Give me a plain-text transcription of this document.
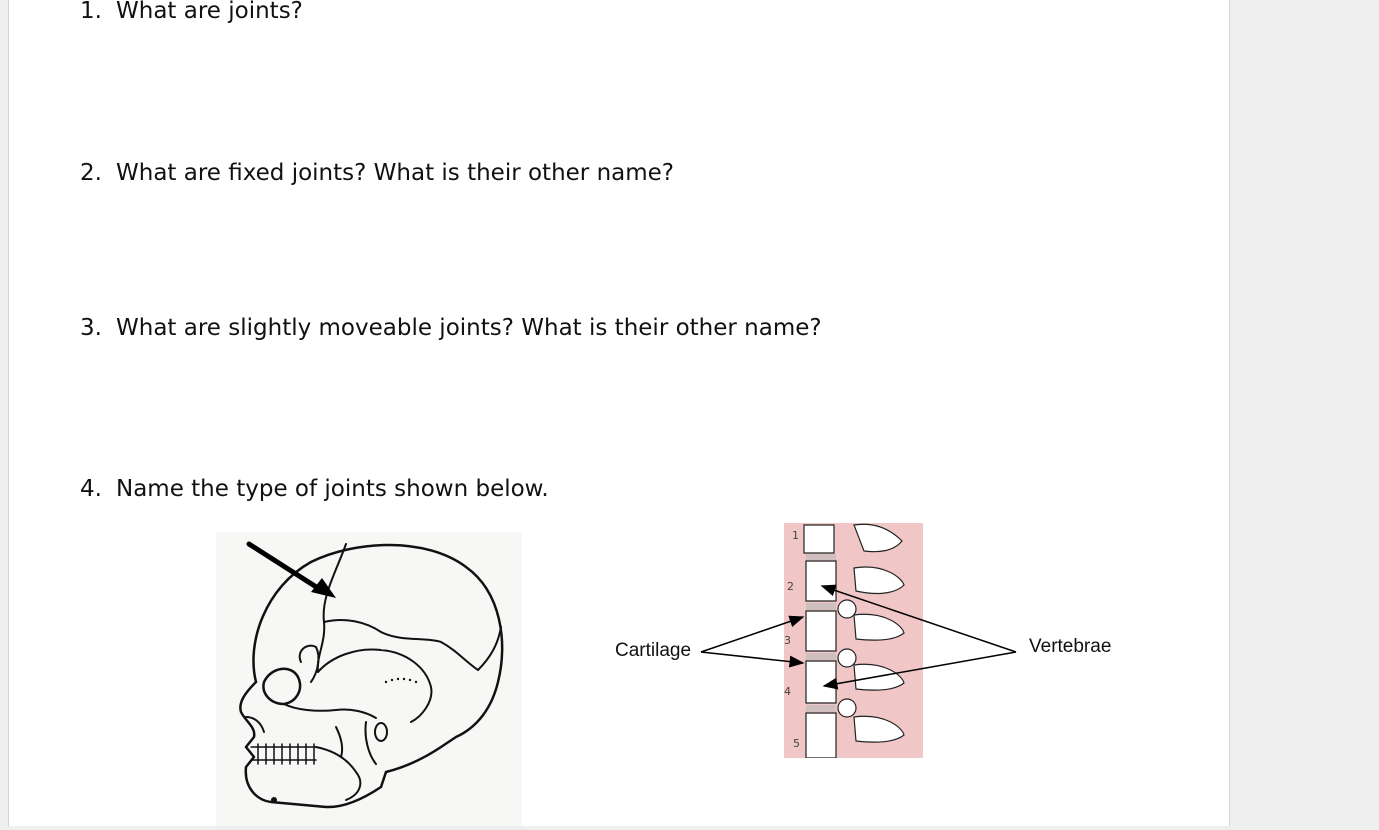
1. What are joints?
2. What are fixed joints? What is their other name?
3. What are slightly moveable joints? What is their other name?
4. Name the type of joints shown below.
1
2
3
4
5
Cartilage	Vertebrae
